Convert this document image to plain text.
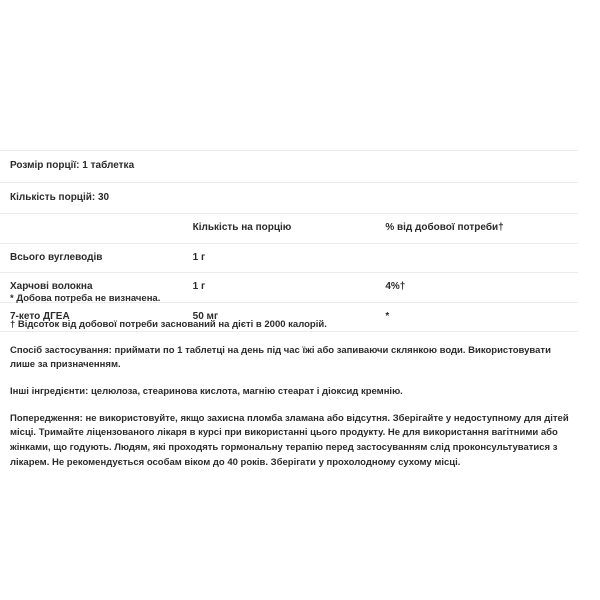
Розмір порції: 1 таблетка		
Кількість порцій: 30		
	Кількість на порцію	% від добової потреби†
Всього вуглеводів	1 г	
Харчові волокна	1 г	4%†
7-кето ДГЕА	50 мг	*

* Добова потреба не визначена.

† Відсоток від добової потреби заснований на дієті в 2000 калорій.

Спосіб застосування: приймати по 1 таблетці на день під час їжі або запиваючи склянкою води. Використовувати лише за призначенням.

Інші інгредієнти: целюлоза, стеаринова кислота, магнію стеарат і діоксид кремнію.

Попередження: не використовуйте, якщо захисна пломба зламана або відсутня. Зберігайте у недоступному для дітей місці. Тримайте ліцензованого лікаря в курсі при використанні цього продукту. Не для використання вагітними або жінками, що годують. Людям, які проходять гормональну терапію перед застосуванням слід проконсультуватися з лікарем. Не рекомендується особам віком до 40 років. Зберігати у прохолодному сухому місці.
